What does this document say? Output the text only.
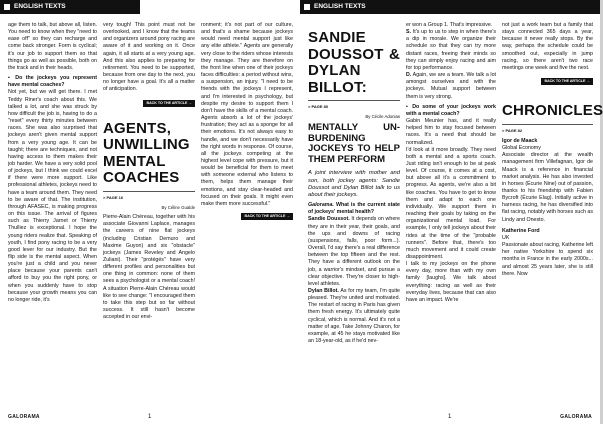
ENGLISH TEXTS

age them to talk, but above all, listen. You need to know when they "need to ease off" so they can recharge and come back stronger. Form is cyclical; it's our job to support them so that things go as well as possible, both on the track and in their heads.

▪ Do the jockeys you represent have mental coaches?

Not yet, but we will get there. I met Teddy Riner's coach about this. We talked a lot, and she was struck by how difficult the job is, having to do a "reset" every thirty minutes between races. She was also surprised that jockeys aren't given mental support from a very young age. It can be taught; there are techniques, and not having access to them makes their job harder. We have a very solid pool of jockeys, but I think we could excel if there were more support. Like professional athletes, jockeys need to have a team around them. They need to be aware of that. The institution, through AFASEC, is making progress on this issue. The arrival of figures such as Thierry Jarnet or Thierry Thulliez is exceptional. I hope the young riders realize that. Speaking of youth, I find pony racing to be a very good lever for our industry. But the flip side is the mental aspect. When you're just a child and you never place because your parents can't afford to buy you the right pony, or when you suddenly have to stop because your growth means you can no longer ride, it's

very tough! This point must not be overlooked, and I know that the teams and organizers around pony racing are aware of it and working on it. Once again, it all starts at a very young age. And this also applies to preparing for retirement. You need to be supported, because from one day to the next, you no longer have a goal. It's all a matter of anticipation.

BACK TO THE ARTICLE →
AGENTS, UNWILLING MENTAL COACHES
> PAGE 16
By Céline Gualde

Pierre-Alain Chéreau, together with his associate Giovanni Laplace, manages the careers of nine flat jockeys (including Cristian Demuro and Maxime Guyon) and six "obstacle" jockeys (James Reveley and Angelo Zuliani). Their "protégés" have very different profiles and personalities but one thing in common: none of them sees a psychologist or a mental coach! A situation Pierre-Alain Chéreau would like to see change: "I encouraged them to take this step but so far without success. It still hasn't become accepted in our envi-

ronment; it's not part of our culture, and that's a shame because jockeys would need mental support just like any elite athlete." Agents are generally very close to the riders whose interests they manage. They are therefore on the front line when one of their jockeys faces difficulties: a period without wins, a suspension, an injury. "I need to be friends with the jockeys I represent, and I'm interested in psychology, but despite my desire to support them I don't have the skills of a mental coach. Agents absorb a lot of the jockeys' frustration; they act as a sponge for all their emotions. It's not always easy to handle, and we don't necessarily have the right words in response. Of course, all the jockeys competing at the highest level cope with pressure, but it would be beneficial for them to meet with someone external who listens to them, helps them manage their emotions, and stay clear-headed and focused on their goals. It might even make them more successful."

BACK TO THE ARTICLE →
GALORAMA	1
ENGLISH TEXTS
SANDIE DOUSSOT & DYLAN BILLOT:
> PAGE 80
By Cécile Adonias
MENTALLY UN-BURDENING JOCKEYS TO HELP THEM PERFORM

A joint interview with mother and son, both jockey agents: Sandie Doussot and Dylan Billot talk to us about their jockeys.

Galorama. What is the current state of jockeys' mental health?

Sandie Doussot. It depends on where they are in their year, their goals, and the ups and downs of racing (suspensions, falls, poor form...). Overall, I'd say there's a real difference between the top fifteen and the rest. They have a different outlook on the job, a warrior's mindset, and pursue a clear objective. They're closer to high-level athletes.

Dylan Billot. As for my team, I'm quite pleased. They're united and motivated. The restart of racing in Paris has given them fresh energy. It's ultimately quite cyclical, which is normal. And it's not a matter of age. Take Johnny Charon, for example, at 45 he stays motivated like an 18-year-old, as if he'd nev-

er won a Group 1. That's impressive.

S. It's up to us to step in when there's a dip in morale. We organize their schedule so that they can try more distant races, freeing their minds so they can simply enjoy racing and aim for top performance.

D. Again, we are a team. We talk a lot amongst ourselves and with the jockeys. Mutual support between them is very strong.

▪ Do some of your jockeys work with a mental coach?

Gabin Meunier has, and it really helped him to stay focused between races. It's a need that should be normalized.

I'd look at it more broadly. They need both a mental and a sports coach. Just riding isn't enough to be at peak level. Of course, it comes at a cost, but above all it's a commitment to progress. As agents, we're also a bit like coaches. You have to get to know them and adapt to each one individually. We support them in reaching their goals by taking on the organizational mental load. For example, I only tell jockeys about their rides at the time of the "probable runners". Before that, there's too much movement and it could create disappointment.

I talk to my jockeys on the phone every day, more than with my own family [laughs]. We talk about everything: racing as well as their everyday lives, because that can also have an impact. We're

not just a work team but a family that stays connected 365 days a year, because it never really stops. By the way, perhaps the schedule could be smoothed out, especially in jump racing, so there aren't two race meetings one week and five the next.

BACK TO THE ARTICLE →
CHRONICLES
> PAGE 82

Igor de Maack

Global Economy

Associate director at the wealth management firm Villefagnan, Igor de Maack is a reference in financial market analysis. He has also invested in horses (Écurie Nine) out of passion, thanks to his friendship with Fabien Bycroft (Écurie Elag). Initially active in harness racing, he has diversified into flat racing, notably with horses such as Lindy and Onesto.

Katherine Ford

UK

Passionate about racing, Katherine left her native Yorkshire to spend six months in France in the early 2000s... and almost 25 years later, she is still there. Now

1	GALORAMA
